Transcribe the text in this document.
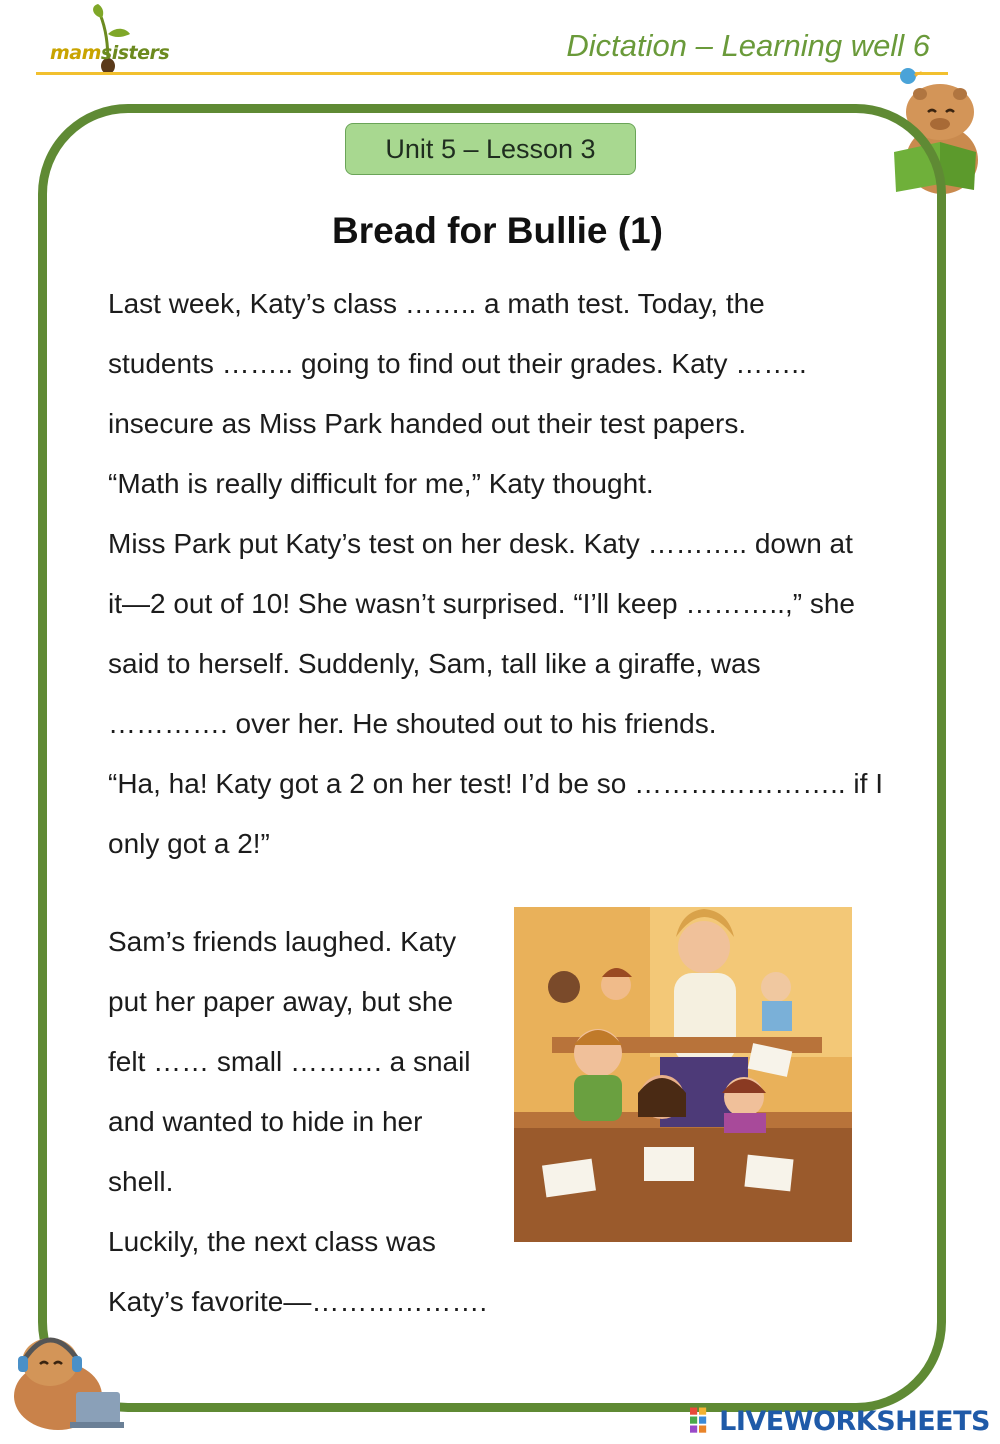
mamsisters	Dictation – Learning well 6
Unit 5 – Lesson 3
Bread for Bullie (1)
Last week, Katy’s class …….. a math test. Today, the
students …….. going to find out their grades. Katy ……..
insecure as Miss Park handed out their test papers.
“Math is really difficult for me,” Katy thought.
Miss Park put Katy’s test on her desk. Katy ……….. down at
it—2 out of 10! She wasn’t surprised. “I’ll keep ………..,” she
said to herself. Suddenly, Sam, tall like a giraffe, was
…………. over her. He shouted out to his friends.
“Ha, ha! Katy got a 2 on her test! I’d be so ………………….. if I
only got a 2!”
Sam’s friends laughed. Katy
put her paper away, but she
felt …… small ………. a snail
and wanted to hide in her
shell.
Luckily, the next class was
Katy’s favorite—……………….
LIVEWORKSHEETS
